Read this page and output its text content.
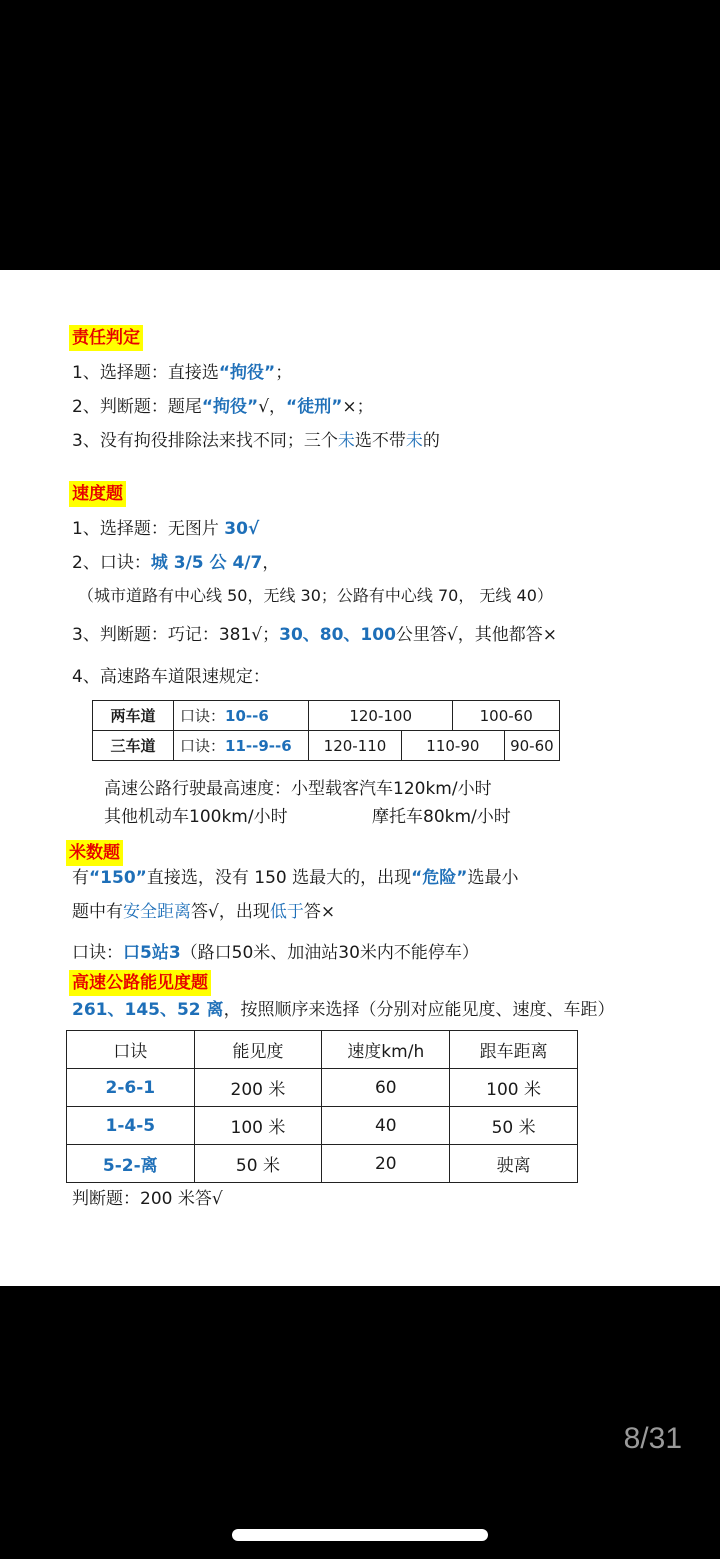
责任判定
1、选择题：直接选“拘役”；
2、判断题：题尾“拘役”√，“徒刑”×；
3、没有拘役排除法来找不同；三个未选不带未的
速度题
1、选择题：无图片 30√
2、口诀：城 3/5 公 4/7，
（城市道路有中心线 50，无线 30；公路有中心线 70， 无线 40）
3、判断题：巧记：381√；30、80、100公里答√，其他都答×
4、高速路车道限速规定：
两车道	口诀：10--6	120-100		100-60	
三车道	口诀：11--9--6	120-110	110-90		90-60
高速公路行驶最高速度：小型载客汽车120km/小时
其他机动车100km/小时	摩托车80km/小时
米数题
有“150”直接选，没有 150 选最大的，出现“危险”选最小
题中有安全距离答√，出现低于答×
口诀：口5站3（路口50米、加油站30米内不能停车）
高速公路能见度题
261、145、52 离，按照顺序来选择（分别对应能见度、速度、车距）
口诀	能见度	速度km/h	跟车距离
2-6-1	200 米	60	100 米
1-4-5	100 米	40	50 米
5-2-离	50 米	20	驶离
判断题：200 米答√
8/31
